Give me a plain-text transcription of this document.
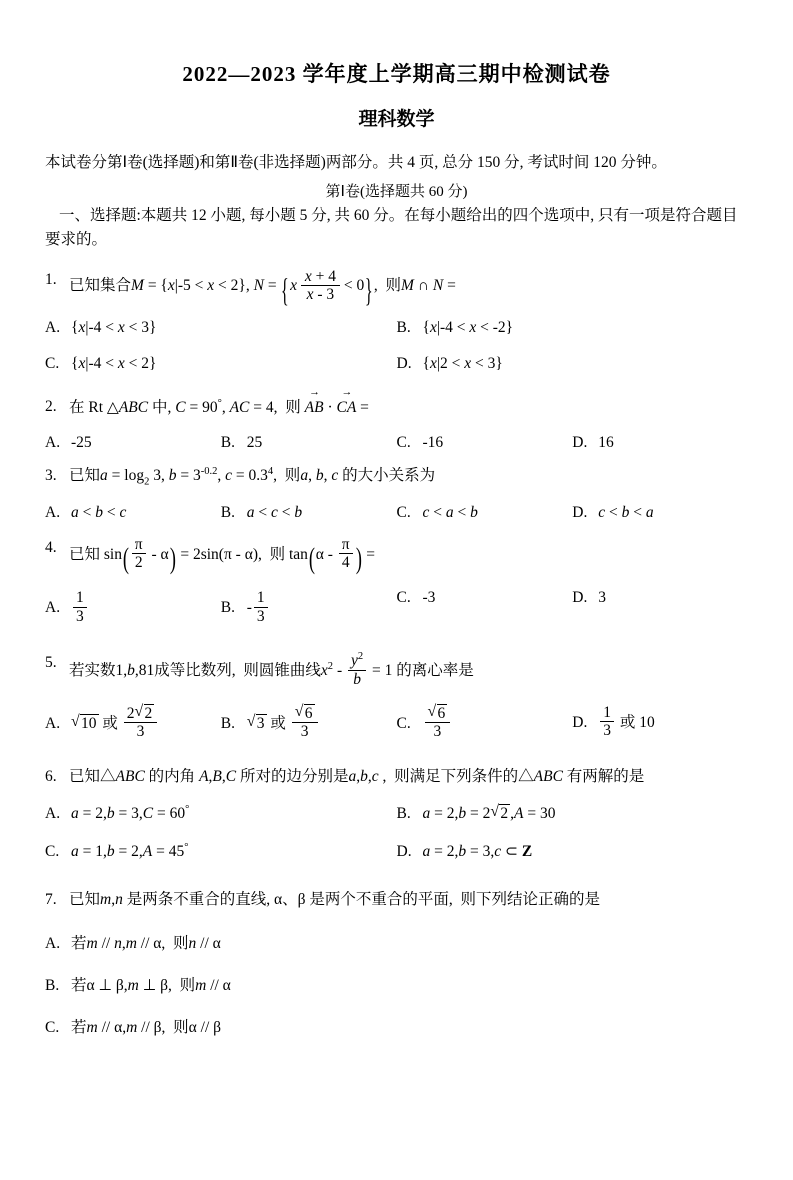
2022—2023 学年度上学期高三期中检测试卷
理科数学
本试卷分第Ⅰ卷(选择题)和第Ⅱ卷(非选择题)两部分。共 4 页, 总分 150 分, 考试时间 120 分钟。
第Ⅰ卷(选择题共 60 分)
一、选择题:本题共 12 小题, 每小题 5 分, 共 60 分。在每小题给出的四个选项中, 只有一项是符合题目要求的。
1. 已知集合M = {x|-5 < x < 2}, $N = \{x \frac{x + 4}{x - 3} < 0\}$,  则M ∩ N =
A. {x|-4 < x < 3}	B. {x|-4 < x < -2}
C. {x|-4 < x < 2}	D. {x|2 < x < 3}
2. 在 Rt △ABC 中, C = 90°, AC = 4,  则 → AB · → CA =
A. -25	B. 25	C. -16	D. 16
3. 已知$a = \log_2 3$, $b = 3^{-0.2}$, $c = 0.3^4$,  则a, b, c 的大小关系为
A. a < b < c	B. a < c < b	C. c < a < b	D. c < b < a
4. 已知 $\sin( \frac{\pi}{2} - \alpha) = 2\sin(\pi - \alpha)$,  则 $\tan(\alpha - \frac{\pi}{4}$ ) =
A. $\frac{1}{3}$	B. - $\frac{1}{3}$	C. -3	D. 3
5. 若实数1,b,81成等比数列,  则圆锥曲线$x^2 - \frac{y^2}{b} = 1$ 的离心率是
A.	√ 10 或 $\frac{2 √ 2}{3}$	B.	√ 3 或 √ $\frac{6}{3}$	C. √ $\frac{6}{3}$	D. $\frac{1}{3}$ 或 10
6. 已知△ABC 的内角 A,B,C 所对的边分别是a,b,c ,  则满足下列条件的△ABC 有两解的是
A. a = 2,b = 3,C = 60°	B. a = 2,b = 2 √ 2 ,A = 30
C. a = 1,b = 2,A = 45°	D. a = 2,b = 3,c ⊂ Z
7. 已知m,n 是两条不重合的直线, α、β 是两个不重合的平面,  则下列结论正确的是
A. 若m // n,m // α,  则n // α
B. 若α ⊥ β,m ⊥ β,  则m // α
C. 若m // α,m // β,  则α // β
